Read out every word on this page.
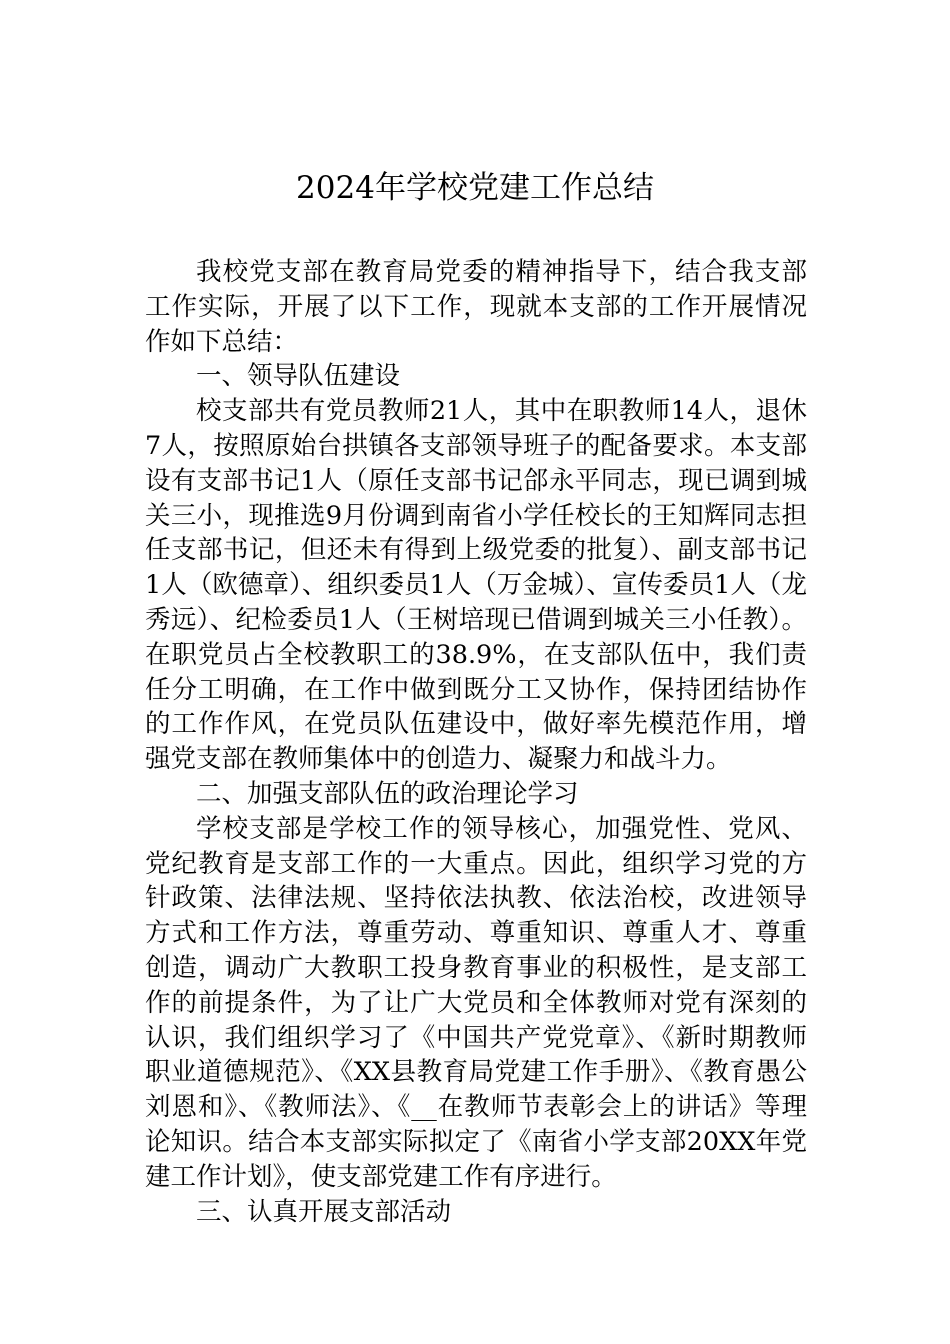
2024年学校党建工作总结

我校党支部在教育局党委的精神指导下，结合我支部工作实际，开展了以下工作，现就本支部的工作开展情况作如下总结：

一、领导队伍建设

校支部共有党员教师21人，其中在职教师14人，退休7人，按照原始台拱镇各支部领导班子的配备要求。本支部设有支部书记1人（原任支部书记郃永平同志，现已调到城关三小，现推选9月份调到南省小学任校长的王知辉同志担任支部书记，但还未有得到上级党委的批复）、副支部书记1人（欧德章）、组织委员1人（万金城）、宣传委员1人（龙秀远）、纪检委员1人（王树培现已借调到城关三小任教）。在职党员占全校教职工的38.9%，在支部队伍中，我们责任分工明确，在工作中做到既分工又协作，保持团结协作的工作作风，在党员队伍建设中，做好率先模范作用，增强党支部在教师集体中的创造力、凝聚力和战斗力。

二、加强支部队伍的政治理论学习

学校支部是学校工作的领导核心，加强党性、党风、党纪教育是支部工作的一大重点。因此，组织学习党的方针政策、法律法规、坚持依法执教、依法治校，改进领导方式和工作方法，尊重劳动、尊重知识、尊重人才、尊重创造，调动广大教职工投身教育事业的积极性，是支部工作的前提条件，为了让广大党员和全体教师对党有深刻的认识，我们组织学习了《中国共产党党章》、《新时期教师职业道德规范》、《XX县教育局党建工作手册》、《教育愚公刘恩和》、《教师法》、《__在教师节表彰会上的讲话》等理论知识。结合本支部实际拟定了《南省小学支部20XX年党建工作计划》，使支部党建工作有序进行。

三、认真开展支部活动
